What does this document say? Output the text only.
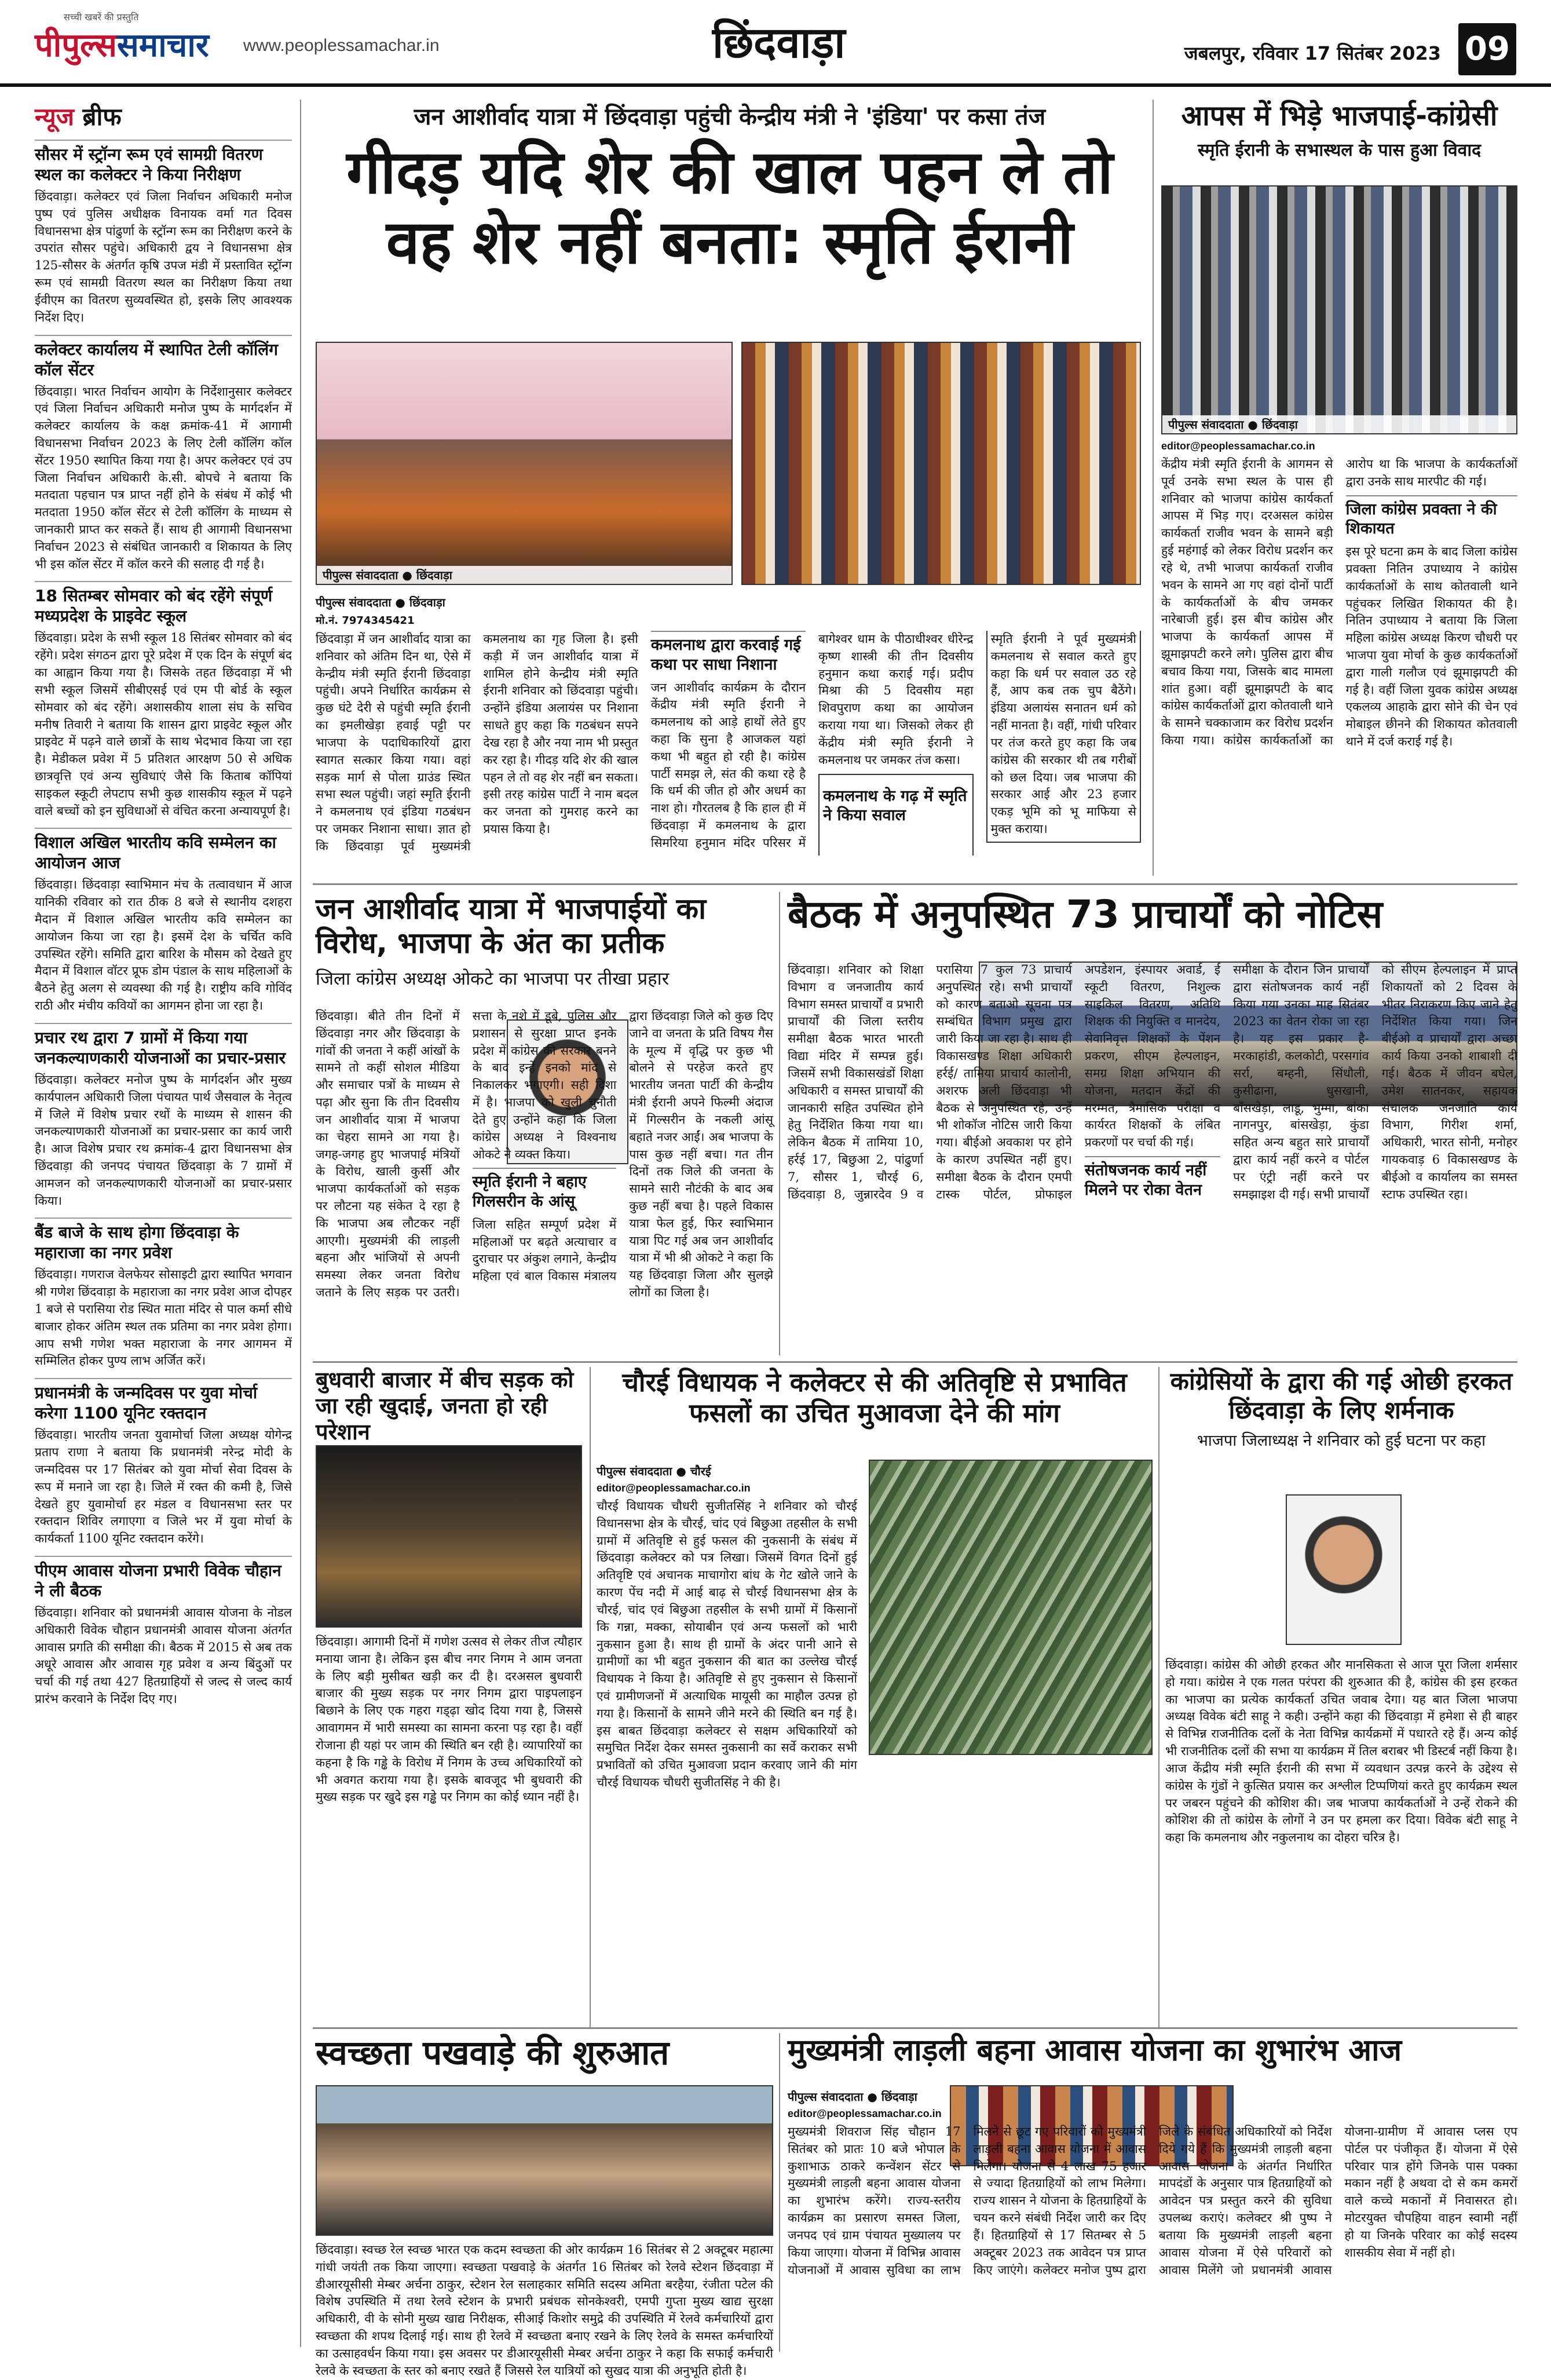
सच्ची खबरें की प्रस्तुति
पीपुल्ससमाचार www.peoplessamachar.in	छिंदवाड़ा	जबलपुर, रविवार 17 सितंबर 2023 09
न्यूज ब्रीफ
सौसर में स्ट्रॉन्ग रूम एवं सामग्री वितरण स्थल का कलेक्टर ने किया निरीक्षण
छिंदवाड़ा। कलेक्टर एवं जिला निर्वाचन अधिकारी मनोज पुष्प एवं पुलिस अधीक्षक विनायक वर्मा गत दिवस विधानसभा क्षेत्र पांढुर्णा के स्ट्रॉन्ग रूम का निरीक्षण करने के उपरांत सौसर पहुंचे। अधिकारी द्वय ने विधानसभा क्षेत्र 125-सौसर के अंतर्गत कृषि उपज मंडी में प्रस्तावित स्ट्रॉन्ग रूम एवं सामग्री वितरण स्थल का निरीक्षण किया तथा ईवीएम का वितरण सुव्यवस्थित हो, इसके लिए आवश्यक निर्देश दिए।
कलेक्टर कार्यालय में स्थापित टेली कॉलिंग कॉल सेंटर
छिंदवाड़ा। भारत निर्वाचन आयोग के निर्देशानुसार कलेक्टर एवं जिला निर्वाचन अधिकारी मनोज पुष्प के मार्गदर्शन में कलेक्टर कार्यालय के कक्ष क्रमांक-41 में आगामी विधानसभा निर्वाचन 2023 के लिए टेली कॉलिंग कॉल सेंटर 1950 स्थापित किया गया है। अपर कलेक्टर एवं उप जिला निर्वाचन अधिकारी के.सी. बोपचे ने बताया कि मतदाता पहचान पत्र प्राप्त नहीं होने के संबंध में कोई भी मतदाता 1950 कॉल सेंटर से टेली कॉलिंग के माध्यम से जानकारी प्राप्त कर सकते हैं। साथ ही आगामी विधानसभा निर्वाचन 2023 से संबंधित जानकारी व शिकायत के लिए भी इस कॉल सेंटर में कॉल करने की सलाह दी गई है।
18 सितम्बर सोमवार को बंद रहेंगे संपूर्ण मध्यप्रदेश के प्राइवेट स्कूल
छिंदवाड़ा। प्रदेश के सभी स्कूल 18 सितंबर सोमवार को बंद रहेंगे। प्रदेश संगठन द्वारा पूरे प्रदेश में एक दिन के संपूर्ण बंद का आह्वान किया गया है। जिसके तहत छिंदवाड़ा में भी सभी स्कूल जिसमें सीबीएसई एवं एम पी बोर्ड के स्कूल सोमवार को बंद रहेंगे। अशासकीय शाला संघ के सचिव मनीष तिवारी ने बताया कि शासन द्वारा प्राइवेट स्कूल और प्राइवेट में पढ़ने वाले छात्रों के साथ भेदभाव किया जा रहा है। मेडीकल प्रवेश में 5 प्रतिशत आरक्षण 50 से अधिक छात्रवृत्ति एवं अन्य सुविधाएं जैसे कि किताब कॉपियां साइकल स्कूटी लेपटाप सभी कुछ शासकीय स्कूल में पढ़ने वाले बच्चों को इन सुविधाओं से वंचित करना अन्यायपूर्ण है।
विशाल अखिल भारतीय कवि सम्मेलन का आयोजन आज
छिंदवाड़ा। छिंदवाड़ा स्वाभिमान मंच के तत्वावधान में आज यानिकी रविवार को रात ठीक 8 बजे से स्थानीय दशहरा मैदान में विशाल अखिल भारतीय कवि सम्मेलन का आयोजन किया जा रहा है। इसमें देश के चर्चित कवि उपस्थित रहेंगे। समिति द्वारा बारिश के मौसम को देखते हुए मैदान में विशाल वॉटर प्रूफ डोम पंडाल के साथ महिलाओं के बैठने हेतु अलग से व्यवस्था की गई है। राष्ट्रीय कवि गोविंद राठी और मंचीय कवियों का आगमन होना जा रहा है।
प्रचार रथ द्वारा 7 ग्रामों में किया गया जनकल्याणकारी योजनाओं का प्रचार-प्रसार
छिंदवाड़ा। कलेक्टर मनोज पुष्प के मार्गदर्शन और मुख्य कार्यपालन अधिकारी जिला पंचायत पार्थ जैसवाल के नेतृत्व में जिले में विशेष प्रचार रथों के माध्यम से शासन की जनकल्याणकारी योजनाओं का प्रचार-प्रसार का कार्य जारी है। आज विशेष प्रचार रथ क्रमांक-4 द्वारा विधानसभा क्षेत्र छिंदवाड़ा की जनपद पंचायत छिंदवाड़ा के 7 ग्रामों में आमजन को जनकल्याणकारी योजनाओं का प्रचार-प्रसार किया।
बैंड बाजे के साथ होगा छिंदवाड़ा के महाराजा का नगर प्रवेश
छिंदवाड़ा। गणराज वेलफेयर सोसाइटी द्वारा स्थापित भगवान श्री गणेश छिंदवाड़ा के महाराजा का नगर प्रवेश आज दोपहर 1 बजे से परासिया रोड स्थित माता मंदिर से पाल कर्मा सीधे बाजार होकर अंतिम स्थल तक प्रतिमा का नगर प्रवेश होगा। आप सभी गणेश भक्त महाराजा के नगर आगमन में सम्मिलित होकर पुण्य लाभ अर्जित करें।
प्रधानमंत्री के जन्मदिवस पर युवा मोर्चा करेगा 1100 यूनिट रक्तदान
छिंदवाड़ा। भारतीय जनता युवामोर्चा जिला अध्यक्ष योगेन्द्र प्रताप राणा ने बताया कि प्रधानमंत्री नरेन्द्र मोदी के जन्मदिवस पर 17 सितंबर को युवा मोर्चा सेवा दिवस के रूप में मनाने जा रहा है। जिले में रक्त की कमी है, जिसे देखते हुए युवामोर्चा हर मंडल व विधानसभा स्तर पर रक्तदान शिविर लगाएगा व जिले भर में युवा मोर्चा के कार्यकर्ता 1100 यूनिट रक्तदान करेंगे।
पीएम आवास योजना प्रभारी विवेक चौहान ने ली बैठक
छिंदवाड़ा। शनिवार को प्रधानमंत्री आवास योजना के नोडल अधिकारी विवेक चौहान प्रधानमंत्री आवास योजना अंतर्गत आवास प्रगति की समीक्षा की। बैठक में 2015 से अब तक अधूरे आवास और आवास गृह प्रवेश व अन्य बिंदुओं पर चर्चा की गई तथा 427 हितग्राहियों से जल्द से जल्द कार्य प्रारंभ करवाने के निर्देश दिए गए।
जन आशीर्वाद यात्रा में छिंदवाड़ा पहुंची केन्द्रीय मंत्री ने 'इंडिया' पर कसा तंज
गीदड़ यदि शेर की खाल पहन ले तो वह शेर नहीं बनता: स्मृति ईरानी
पीपुल्स संवाददाता ● छिंदवाड़ा
पीपुल्स संवाददाता ● छिंदवाड़ा
मो.नं. 7974345421
छिंदवाड़ा में जन आशीर्वाद यात्रा का शनिवार को अंतिम दिन था, ऐसे में केन्द्रीय मंत्री स्मृति ईरानी छिंदवाड़ा पहुंची। अपने निर्धारित कार्यक्रम से कुछ घंटे देरी से पहुंची स्मृति ईरानी का इमलीखेड़ा हवाई पट्टी पर भाजपा के पदाधिकारियों द्वारा स्वागत सत्कार किया गया। वहां सड़क मार्ग से पोला ग्राउंड स्थित सभा स्थल पहुंची। जहां स्मृति ईरानी ने कमलनाथ एवं इंडिया गठबंधन पर जमकर निशाना साधा। ज्ञात हो कि छिंदवाड़ा पूर्व मुख्यमंत्री कमलनाथ का गृह जिला है। इसी कड़ी में जन आशीर्वाद यात्रा में शामिल होने केन्द्रीय मंत्री स्मृति ईरानी शनिवार को छिंदवाड़ा पहुंची। उन्होंने इंडिया अलायंस पर निशाना साधते हुए कहा कि गठबंधन सपने देख रहा है और नया नाम भी प्रस्तुत कर रहा है। गीदड़ यदि शेर की खाल पहन ले तो वह शेर नहीं बन सकता। इसी तरह कांग्रेस पार्टी ने नाम बदल कर जनता को गुमराह करने का प्रयास किया है।
कमलनाथ द्वारा करवाई गई कथा पर साधा निशाना
जन आशीर्वाद कार्यक्रम के दौरान केंद्रीय मंत्री स्मृति ईरानी ने कमलनाथ को आड़े हाथों लेते हुए कहा कि सुना है आजकल यहां कथा भी बहुत हो रही है। कांग्रेस पार्टी समझ ले, संत की कथा रहे है कि धर्म की जीत हो और अधर्म का नाश हो। गौरतलब है कि हाल ही में छिंदवाड़ा में कमलनाथ के द्वारा सिमरिया हनुमान मंदिर परिसर में बागेश्वर धाम के पीठाधीश्वर धीरेन्द्र कृष्ण शास्त्री की तीन दिवसीय हनुमान कथा कराई गई। प्रदीप मिश्रा की 5 दिवसीय महा शिवपुराण कथा का आयोजन कराया गया था। जिसको लेकर ही केंद्रीय मंत्री स्मृति ईरानी ने कमलनाथ पर जमकर तंज कसा।
कमलनाथ के गढ़ में स्मृति ने किया सवाल
स्मृति ईरानी ने पूर्व मुख्यमंत्री कमलनाथ से सवाल करते हुए कहा कि धर्म पर सवाल उठ रहे हैं, आप कब तक चुप बैठेंगे। इंडिया अलायंस सनातन धर्म को नहीं मानता है। वहीं, गांधी परिवार पर तंज करते हुए कहा कि जब कांग्रेस की सरकार थी तब गरीबों को छल दिया। जब भाजपा की सरकार आई और 23 हजार एकड़ भूमि को भू माफिया से मुक्त कराया।
आपस में भिड़े भाजपाई-कांग्रेसी
स्मृति ईरानी के सभास्थल के पास हुआ विवाद
पीपुल्स संवाददाता ● छिंदवाड़ा
editor@peoplessamachar.co.in
केंद्रीय मंत्री स्मृति ईरानी के आगमन से पूर्व उनके सभा स्थल के पास ही शनिवार को भाजपा कांग्रेस कार्यकर्ता आपस में भिड़ गए। दरअसल कांग्रेस कार्यकर्ता राजीव भवन के सामने बड़ी हुई महंगाई को लेकर विरोध प्रदर्शन कर रहे थे, तभी भाजपा कार्यकर्ता राजीव भवन के सामने आ गए वहां दोनों पार्टी के कार्यकर्ताओं के बीच जमकर नारेबाजी हुई। इस बीच कांग्रेस और भाजपा के कार्यकर्ता आपस में झूमाझपटी करने लगे। पुलिस द्वारा बीच बचाव किया गया, जिसके बाद मामला शांत हुआ। वहीं झूमाझपटी के बाद कांग्रेस कार्यकर्ताओं द्वारा कोतवाली थाने के सामने चक्काजाम कर विरोध प्रदर्शन किया गया। कांग्रेस कार्यकर्ताओं का आरोप था कि भाजपा के कार्यकर्ताओं द्वारा उनके साथ मारपीट की गई।
जिला कांग्रेस प्रवक्ता ने की शिकायत
इस पूरे घटना क्रम के बाद जिला कांग्रेस प्रवक्ता नितिन उपाध्याय ने कांग्रेस कार्यकर्ताओं के साथ कोतवाली थाने पहुंचकर लिखित शिकायत की है। नितिन उपाध्याय ने बताया कि जिला महिला कांग्रेस अध्यक्ष किरण चौधरी पर भाजपा युवा मोर्चा के कुछ कार्यकर्ताओं द्वारा गाली गलौज एवं झूमाझपटी की गई है। वहीं जिला युवक कांग्रेस अध्यक्ष एकलव्य आहाके द्वारा सोने की चेन एवं मोबाइल छीनने की शिकायत कोतवाली थाने में दर्ज कराई गई है।
जन आशीर्वाद यात्रा में भाजपाईयों का विरोध, भाजपा के अंत का प्रतीक
जिला कांग्रेस अध्यक्ष ओकटे का भाजपा पर तीखा प्रहार
छिंदवाड़ा। बीते तीन दिनों में छिंदवाड़ा नगर और छिंदवाड़ा के गांवों की जनता ने कहीं आंखों के सामने तो कहीं सोशल मीडिया और समाचार पत्रों के माध्यम से पढ़ा और सुना कि तीन दिवसीय जन आशीर्वाद यात्रा में भाजपा का चेहरा सामने आ गया है। जगह-जगह हुए भाजपाई मंत्रियों के विरोध, खाली कुर्सी और भाजपा कार्यकर्ताओं को सड़क पर लौटना यह संकेत दे रहा है कि भाजपा अब लौटकर नहीं आएगी। मुख्यमंत्री की लाड़ली बहना और भांजियों से अपनी समस्या लेकर जनता विरोध जताने के लिए सड़क पर उतरी। सत्ता के नशे में डूबे, पुलिस और प्रशासन से सुरक्षा प्राप्त इनके प्रदेश में कांग्रेस की सरकार बनने के बाद इन्हें इनको मांद से निकालकर भगाएगी। सही दिशा में है। भाजपा को खुली चुनौती देते हुए उन्होंने कहा कि जिला कांग्रेस अध्यक्ष ने विश्वनाथ ओकटे ने व्यक्त किया।
स्मृति ईरानी ने बहाए गिलसरीन के आंसू
जिला सहित सम्पूर्ण प्रदेश में महिलाओं पर बढ़ते अत्याचार व दुराचार पर अंकुश लगाने, केन्द्रीय महिला एवं बाल विकास मंत्रालय द्वारा छिंदवाड़ा जिले को कुछ दिए जाने वा जनता के प्रति विषय गैस के मूल्य में वृद्धि पर कुछ भी बोलने से परहेज करते हुए भारतीय जनता पार्टी की केन्द्रीय मंत्री ईरानी अपने फिल्मी अंदाज में गिल्सरीन के नकली आंसू बहाते नजर आईं। अब भाजपा के पास कुछ नहीं बचा। गत तीन दिनों तक जिले की जनता के सामने सारी नौटंकी के बाद अब कुछ नहीं बचा है। पहले विकास यात्रा फेल हुई, फिर स्वाभिमान यात्रा पिट गई अब जन आशीर्वाद यात्रा में भी श्री ओकटे ने कहा कि यह छिंदवाड़ा जिला और सुलझे लोगों का जिला है।
बैठक में अनुपस्थित 73 प्राचार्यों को नोटिस
छिंदवाड़ा। शनिवार को शिक्षा विभाग व जनजातीय कार्य विभाग समस्त प्राचार्यों व प्रभारी प्राचार्यों की जिला स्तरीय समीक्षा बैठक भारत भारती विद्या मंदिर में सम्पन्न हुई। जिसमें सभी विकासखंडों शिक्षा अधिकारी व समस्त प्राचार्यों की जानकारी सहित उपस्थित होने हेतु निर्देशित किया गया था। लेकिन बैठक में तामिया 10, हर्रई 17, बिछुआ 2, पांढुर्णा 7, सौसर 1, चौरई 6, छिंदवाड़ा 8, जुन्नारदेव 9 व परासिया 7 कुल 73 प्राचार्य अनुपस्थित रहे। सभी प्राचार्यों को कारण बताओ सूचना पत्र सम्बंधित विभाग प्रमुख द्वारा जारी किया जा रहा है। साथ ही विकासखण्ड शिक्षा अधिकारी हर्रई/ तामिया प्राचार्य कालोनी, अशरफ अली छिंदवाड़ा भी बैठक से अनुपस्थित रहे, उन्हें भी शोकॉज नोटिस जारी किया गया। बीईओ अवकाश पर होने के कारण उपस्थित नहीं हुए। समीक्षा बैठक के दौरान एमपी टास्क पोर्टल, प्रोफाइल अपडेशन, इंस्पायर अवार्ड, ई स्कूटी वितरण, निशुल्क साइकिल वितरण, अतिथि शिक्षक की नियुक्ति व मानदेय, सेवानिवृत्त शिक्षकों के पेंशन प्रकरण, सीएम हेल्पलाइन, समग्र शिक्षा अभियान की योजना, मतदान केंद्रों की मरम्मत, त्रैमासिक परीक्षा व कार्यरत शिक्षकों के लंबित प्रकरणों पर चर्चा की गई।
संतोषजनक कार्य नहीं मिलने पर रोका वेतन
समीक्षा के दौरान जिन प्राचार्यों द्वारा संतोषजनक कार्य नहीं किया गया उनका माह सितंबर 2023 का वेतन रोका जा रहा है। यह इस प्रकार है- मरकाहांडी, कलकोटी, परसगांव सर्रा, बम्हनी, सिंधौली, कुसीढाना, धुसखानी, बाँसखेड़ा, लाडू, भुम्मा, बांका नागनपुर, बांसखेड़ा, कुंडा सहित अन्य बहुत सारे प्राचार्यों द्वारा कार्य नहीं करने व पोर्टल पर एंट्री नहीं करने पर समझाइश दी गई। सभी प्राचार्यों को सीएम हेल्पलाइन में प्राप्त शिकायतों को 2 दिवस के भीतर निराकरण किए जाने हेतु निर्देशित किया गया। जिन बीईओ व प्राचार्यों द्वारा अच्छा कार्य किया उनको शाबाशी दी गई। बैठक में जीवन बघेल, उमेश सातनकर, सहायक संचालक जनजाति कार्य विभाग, गिरीश शर्मा, अधिकारी, भारत सोनी, मनोहर गायकवाड़ 6 विकासखण्ड के बीईओ व कार्यालय का समस्त स्टाफ उपस्थित रहा।
बुधवारी बाजार में बीच सड़क को जा रही खुदाई, जनता हो रही परेशान
छिंदवाड़ा। आगामी दिनों में गणेश उत्सव से लेकर तीज त्यौहार मनाया जाना है। लेकिन इस बीच नगर निगम ने आम जनता के लिए बड़ी मुसीबत खड़ी कर दी है। दरअसल बुधवारी बाजार की मुख्य सड़क पर नगर निगम द्वारा पाइपलाइन बिछाने के लिए एक गहरा गड्ढ़ा खोद दिया गया है, जिससे आवागमन में भारी समस्या का सामना करना पड़ रहा है। वहीं रोजाना ही यहां पर जाम की स्थिति बन रही है। व्यापारियों का कहना है कि गड्ढे के विरोध में निगम के उच्च अधिकारियों को भी अवगत कराया गया है। इसके बावजूद भी बुधवारी की मुख्य सड़क पर खुदे इस गड्ढे पर निगम का कोई ध्यान नहीं है।
चौरई विधायक ने कलेक्टर से की अतिवृष्टि से प्रभावित फसलों का उचित मुआवजा देने की मांग
पीपुल्स संवाददाता ● चौरई
editor@peoplessamachar.co.in
चौरई विधायक चौधरी सुजीतसिंह ने शनिवार को चौरई विधानसभा क्षेत्र के चौरई, चांद एवं बिछुआ तहसील के सभी ग्रामों में अतिवृष्टि से हुई फसल की नुकसानी के संबंध में छिंदवाड़ा कलेक्टर को पत्र लिखा। जिसमें विगत दिनों हुई अतिवृष्टि एवं अचानक माचागोरा बांध के गेट खोले जाने के कारण पेंच नदी में आई बाढ़ से चौरई विधानसभा क्षेत्र के चौरई, चांद एवं बिछुआ तहसील के सभी ग्रामों में किसानों कि गन्ना, मक्का, सोयाबीन एवं अन्य फसलों को भारी नुकसान हुआ है। साथ ही ग्रामों के अंदर पानी आने से ग्रामीणों का भी बहुत नुकसान की बात का उल्लेख चौरई विधायक ने किया है। अतिवृष्टि से हुए नुकसान से किसानों एवं ग्रामीणजनों में अत्याधिक मायूसी का माहौल उत्पन्न हो गया है। किसानों के सामने जीने मरने की स्थिति बन गई है। इस बाबत छिंदवाड़ा कलेक्टर से सक्षम अधिकारियों को समुचित निर्देश देकर समस्त नुकसानी का सर्वे कराकर सभी प्रभावितों को उचित मुआवजा प्रदान करवाए जाने की मांग चौरई विधायक चौधरी सुजीतसिंह ने की है।
कांग्रेसियों के द्वारा की गई ओछी हरकत छिंदवाड़ा के लिए शर्मनाक
भाजपा जिलाध्यक्ष ने शनिवार को हुई घटना पर कहा
छिंदवाड़ा। कांग्रेस की ओछी हरकत और मानसिकता से आज पूरा जिला शर्मसार हो गया। कांग्रेस ने एक गलत परंपरा की शुरुआत की है, कांग्रेस की इस हरकत का भाजपा का प्रत्येक कार्यकर्ता उचित जवाब देगा। यह बात जिला भाजपा अध्यक्ष विवेक बंटी साहू ने कही। उन्होंने कहा की छिंदवाड़ा में हमेशा से ही बाहर से विभिन्न राजनीतिक दलों के नेता विभिन्न कार्यक्रमों में पधारते रहे हैं। अन्य कोई भी राजनीतिक दलों की सभा या कार्यक्रम में तिल बराबर भी डिस्टर्ब नहीं किया है। आज केंद्रीय मंत्री स्मृति ईरानी की सभा में व्यवधान उत्पन्न करने के उद्देश्य से कांग्रेस के गुंडों ने कुत्सित प्रयास कर अश्लील टिप्पणियां करते हुए कार्यक्रम स्थल पर जबरन पहुंचने की कोशिश की। जब भाजपा कार्यकर्ताओं ने उन्हें रोकने की कोशिश की तो कांग्रेस के लोगों ने उन पर हमला कर दिया। विवेक बंटी साहू ने कहा कि कमलनाथ और नकुलनाथ का दोहरा चरित्र है।
स्वच्छता पखवाड़े की शुरुआत
छिंदवाड़ा। स्वच्छ रेल स्वच्छ भारत एक कदम स्वच्छता की ओर कार्यक्रम 16 सितंबर से 2 अक्टूबर महात्मा गांधी जयंती तक किया जाएगा। स्वच्छता पखवाड़े के अंतर्गत 16 सितंबर को रेलवे स्टेशन छिंदवाड़ा में डीआरयूसीसी मेम्बर अर्चना ठाकुर, स्टेशन रेल सलाहकार समिति सदस्य अमिता बरहैया, रंजीता पटेल की विशेष उपस्थिति में तथा रेलवे स्टेशन के प्रभारी प्रबंधक सोनकेश्वरी, एमपी गुप्ता मुख्य खाद्य सुरक्षा अधिकारी, वी के सोनी मुख्य खाद्य निरीक्षक, सीआई किशोर समुद्रे की उपस्थिति में रेलवे कर्मचारियों द्वारा स्वच्छता की शपथ दिलाई गई। साथ ही रेलवे में स्वच्छता बनाए रखने के लिए रेलवे के समस्त कर्मचारियों का उत्साहवर्धन किया गया। इस अवसर पर डीआरयूसीसी मेम्बर अर्चना ठाकुर ने कहा कि सफाई कर्मचारी रेलवे के स्वच्छता के स्तर को बनाए रखते हैं जिससे रेल यात्रियों को सुखद यात्रा की अनुभूति होती है।
मुख्यमंत्री लाड़ली बहना आवास योजना का शुभारंभ आज
पीपुल्स संवाददाता ● छिंदवाड़ा
editor@peoplessamachar.co.in
मुख्यमंत्री शिवराज सिंह चौहान 17 सितंबर को प्रातः 10 बजे भोपाल के कुशाभाऊ ठाकरे कन्वेंशन सेंटर से मुख्यमंत्री लाड़ली बहना आवास योजना का शुभारंभ करेंगे। राज्य-स्तरीय कार्यक्रम का प्रसारण समस्त जिला, जनपद एवं ग्राम पंचायत मुख्यालय पर किया जाएगा। योजना में विभिन्न आवास योजनाओं में आवास सुविधा का लाभ मिलने से छूट गए परिवारों को मुख्यमंत्री लाड़ली बहना आवास योजना में आवास मिलेगा। योजना से 4 लाख 75 हजार से ज्यादा हितग्राहियों को लाभ मिलेगा। राज्य शासन ने योजना के हितग्राहियों के चयन करने संबंधी निर्देश जारी कर दिए हैं। हितग्राहियों से 17 सितम्बर से 5 अक्टूबर 2023 तक आवेदन पत्र प्राप्त किए जाएंगे। कलेक्टर मनोज पुष्प द्वारा जिले के संबंधित अधिकारियों को निर्देश दिये गये हैं कि मुख्यमंत्री लाड़ली बहना आवास योजना के अंतर्गत निर्धारित मापदंडों के अनुसार पात्र हितग्राहियों को आवेदन पत्र प्रस्तुत करने की सुविधा उपलब्ध कराएं। कलेक्टर श्री पुष्प ने बताया कि मुख्यमंत्री लाड़ली बहना आवास योजना में ऐसे परिवारों को आवास मिलेंगे जो प्रधानमंत्री आवास योजना-ग्रामीण में आवास प्लस एप पोर्टल पर पंजीकृत हैं। योजना में ऐसे परिवार पात्र होंगे जिनके पास पक्का मकान नहीं है अथवा दो से कम कमरों वाले कच्चे मकानों में निवासरत हो। मोटरयुक्त चौपहिया वाहन स्वामी नहीं हो या जिनके परिवार का कोई सदस्य शासकीय सेवा में नहीं हो।
